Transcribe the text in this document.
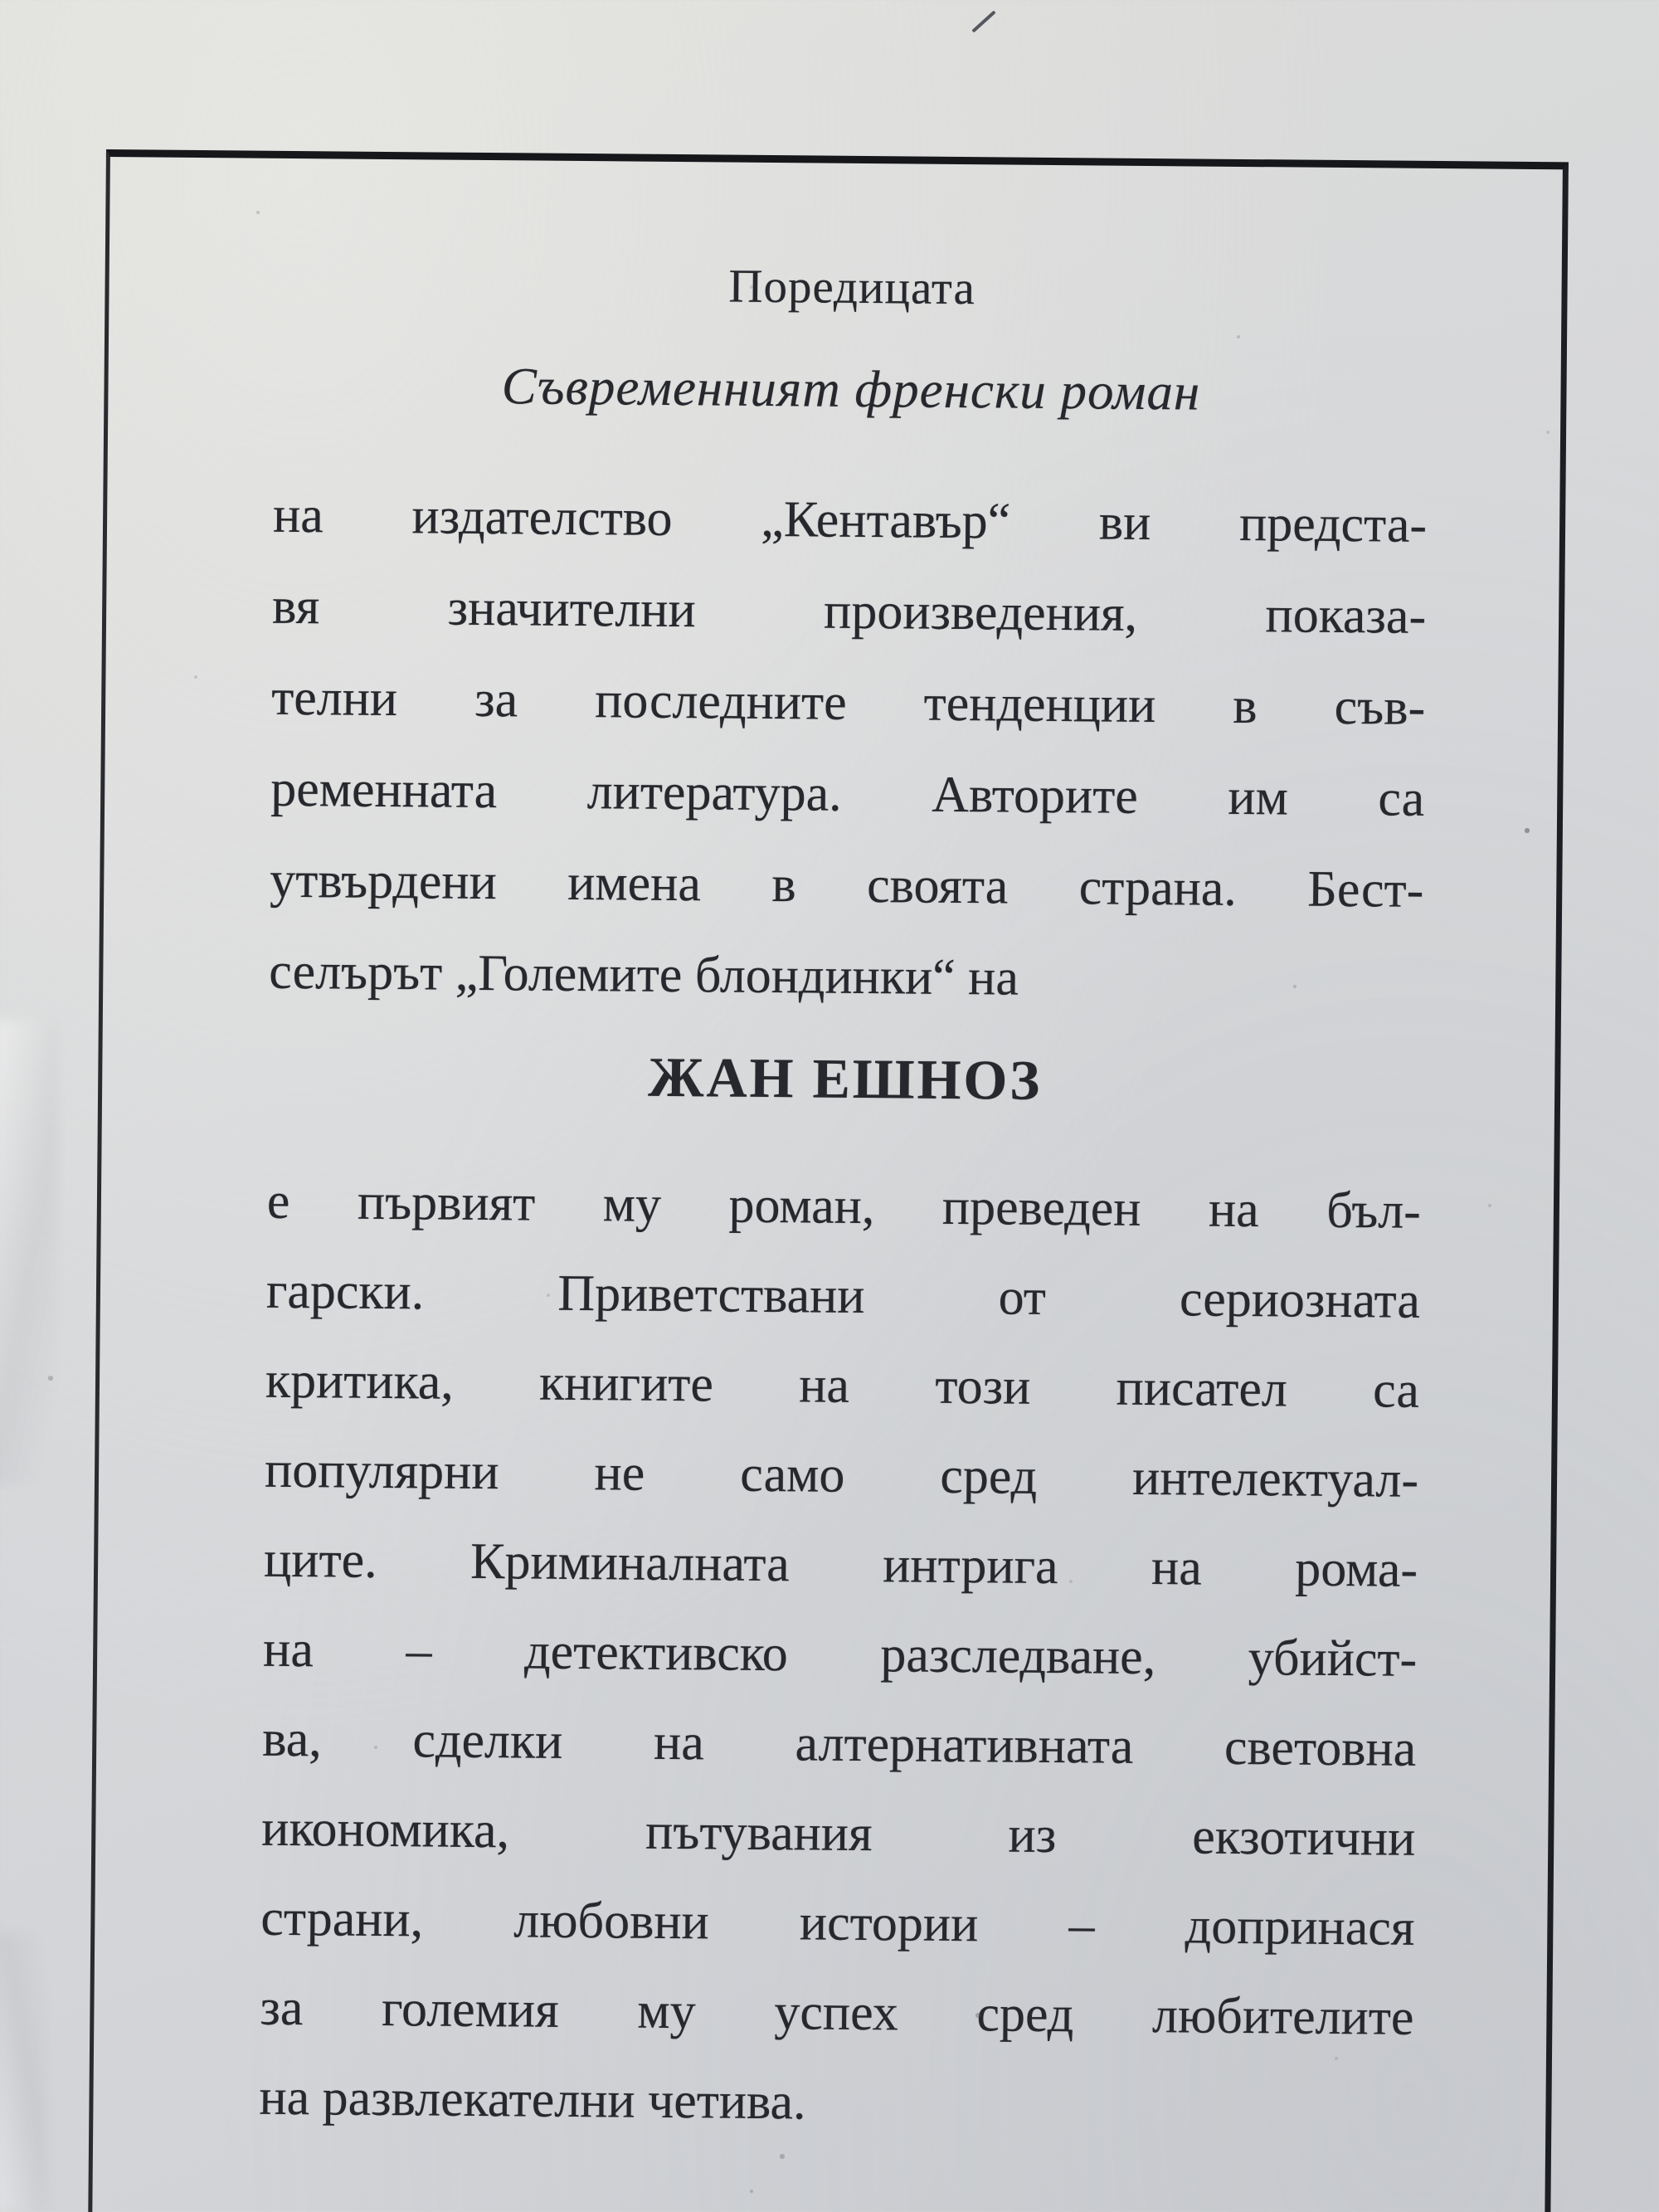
Поредицата
Съвременният френски роман
на издателство „Кентавър“ ви предста-
вя значителни произведения, показа-
телни за последните тенденции в съв-
ременната литература. Авторите им са
утвърдени имена в своята страна. Бест-
селърът „Големите блондинки“ на
ЖАН ЕШНОЗ
е първият му роман, преведен на бъл-
гарски. Приветствани от сериозната
критика, книгите на този писател са
популярни не само сред интелектуал-
ците. Криминалната интрига на рома-
на – детективско разследване, убийст-
ва, сделки на алтернативната световна
икономика, пътувания из екзотични
страни, любовни истории – допринася
за големия му успех сред любителите
на развлекателни четива.
